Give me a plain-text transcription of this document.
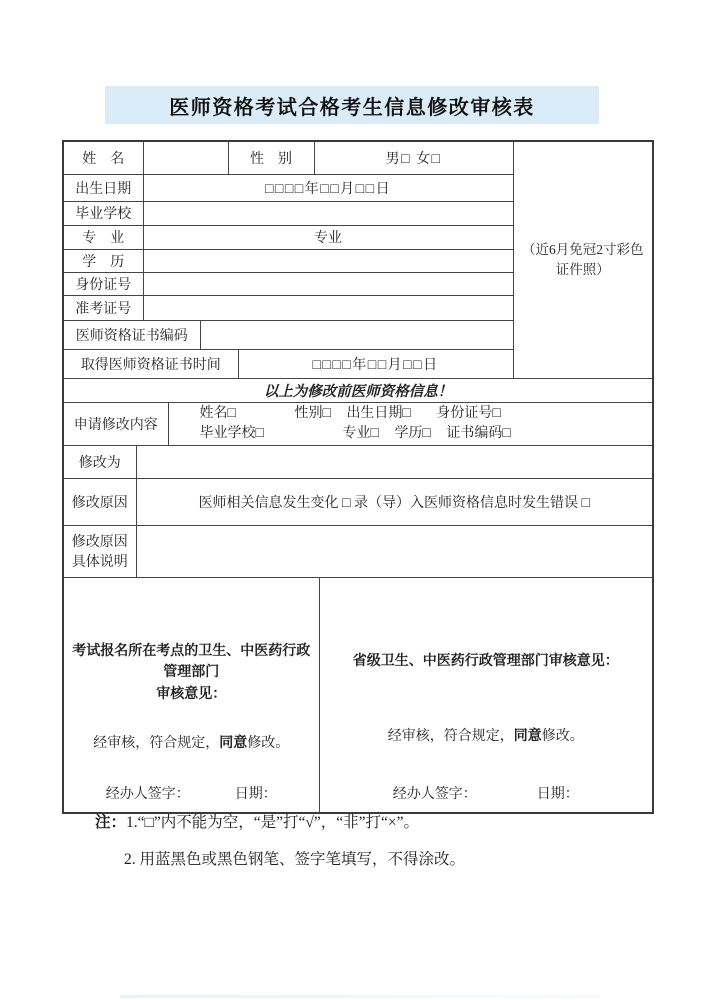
医师资格考试合格考生信息修改审核表
姓　名					性　别		男□ 女□		（近6月免冠2寸彩色
证件照）

出生日期		□□□□年□□月□□日							
毕业学校									
专　业		专业							
学　历									
身份证号									
准考证号									
医师资格证书编码									
取得医师资格证书时间						□□□□年□□月□□日			
以上为修改前医师资格信息！									
申请修改内容			姓名□ 性别□ 出生日期□ 身份证号□
毕业学校□ 专业□ 学历□ 证书编码□						

修改为									
修改原因	医师相关信息发生变化 □ 录（导）入医师资格信息时发生错误 □								
修改原因具体说明									

考试报名所在考点的卫生、中医药行政管理部门
审核意见：
经审核，符合规定，同意修改。
经办人签字：	日期：

省级卫生、中医药行政管理部门审核意见：
经审核，符合规定，同意修改。
经办人签字：	日期：
注：1.“□”内不能为空，“是”打“√”，“非”打“×”。
2. 用蓝黑色或黑色钢笔、签字笔填写，不得涂改。
